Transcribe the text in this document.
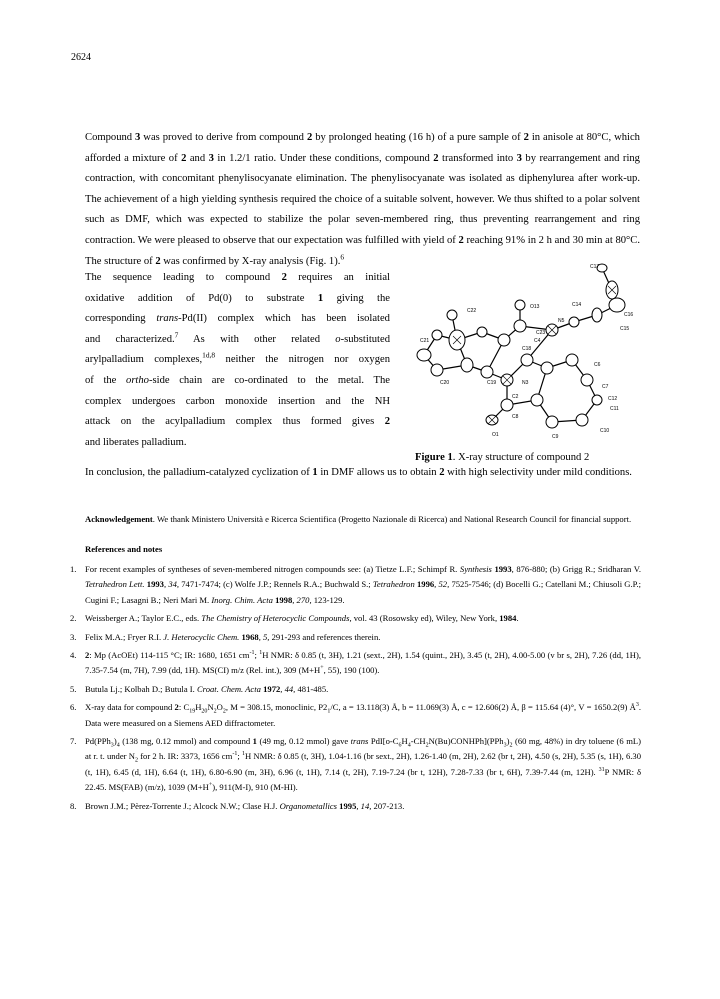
2624
Compound 3 was proved to derive from compound 2 by prolonged heating (16 h) of a pure sample of 2 in anisole at 80°C, which afforded a mixture of 2 and 3 in 1.2/1 ratio. Under these conditions, compound 2 transformed into 3 by rearrangement and ring contraction, with concomitant phenylisocyanate elimination. The phenylisocyanate was isolated as diphenylurea after work-up. The achievement of a high yielding synthesis required the choice of a suitable solvent, however. We thus shifted to a polar solvent such as DMF, which was expected to stabilize the polar seven-membered ring, thus preventing rearrangement and ring contraction. We were pleased to observe that our expectation was fulfilled with yield of 2 reaching 91% in 2 h and 30 min at 80°C. The structure of 2 was confirmed by X-ray analysis (Fig. 1).$^6$
The sequence leading to compound 2 requires an initial
oxidative addition of Pd(0) to substrate 1 giving the
corresponding trans-Pd(II) complex which has been isolated
and characterized.$^7$ As with other related o-substituted
arylpalladium complexes,$^{1d,8}$ neither the nitrogen nor oxygen
of the ortho-side chain are co-ordinated to the metal. The
complex undergoes carbon monoxide insertion and the NH
attack on the acylpalladium complex thus formed gives 2
and liberates palladium.
C17
C14
C16
C22
O13
N5
C15
C23
C4
C18
C21
C6
C20	C19	N3
C7
C2	C12
C8
C11
O1	C9
C10
Figure 1. X-ray structure of compound 2
In conclusion, the palladium-catalyzed cyclization of 1 in DMF allows us to obtain 2 with high selectivity under mild conditions.
Acknowledgement. We thank Ministero Università e Ricerca Scientifica (Progetto Nazionale di Ricerca) and National Research Council for financial support.
References and notes
1. For recent examples of syntheses of seven-membered nitrogen compounds see: (a) Tietze L.F.; Schimpf R. Synthesis 1993, 876-880; (b) Grigg R.; Sridharan V. Tetrahedron Lett. 1993, 34, 7471-7474; (c) Wolfe J.P.; Rennels R.A.; Buchwald S.; Tetrahedron 1996, 52, 7525-7546; (d) Bocelli G.; Catellani M.; Chiusoli G.P.; Cugini F.; Lasagni B.; Neri Mari M. Inorg. Chim. Acta 1998, 270, 123-129.
2. Weissberger A.; Taylor E.C., eds. The Chemistry of Heterocyclic Compounds, vol. 43 (Rosowsky ed), Wiley, New York, 1984.
3. Felix M.A.; Fryer R.I. J. Heterocyclic Chem. 1968, 5, 291-293 and references therein.
4. 2: Mp (AcOEt) 114-115 °C; IR: 1680, 1651 $cm^{-1}$; $^1$H NMR: δ 0.85 (t, 3H), 1.21 (sext., 2H), 1.54 (quint., 2H), 3.45 (t, 2H), 4.00-5.00 (v br s, 2H), 7.26 (dd, 1H), 7.35-7.54 (m, 7H), 7.99 (dd, 1H). MS(CI) m/z (Rel. int.), 309 (M+H+, 55), 190 (100).
5. Butula Lj.; Kolbah D.; Butula I. Croat. Chem. Acta 1972, 44, 481-485.
6. X-ray data for compound 2: $C_{19}H_{20}N_2O_2$, M = 308.15, monoclinic, $P2_1/C$, a = 13.118(3) Å, b = 11.069(3) Å, c = 12.606(2) Å, β = 115.64 (4)°, V = 1650.2(9) $Å^3$. Data were measured on a Siemens AED diffractometer.
7. $Pd(PPh_3)_4$ (138 mg, 0.12 mmol) and compound 1 (49 mg, 0.12 mmol) gave trans $PdI[o-C_6H_4-CH_2N(Bu)CONHPh](PPh_3)_2$ (60 mg, 48%) in dry toluene (6 mL) at r. t. under $N_2$ for 2 h. IR: 3373, 1656 $cm^{-1}$; $^1$H NMR: δ 0.85 (t, 3H), 1.04-1.16 (br sext., 2H), 1.26-1.40 (m, 2H), 2.62 (br t, 2H), 4.50 (s, 2H), 5.35 (s, 1H), 6.30 (t, 1H), 6.45 (d, 1H), 6.64 (t, 1H), 6.80-6.90 (m, 3H), 6.96 (t, 1H), 7.14 (t, 2H), 7.19-7.24 (br t, 12H), 7.28-7.33 (br t, 6H), 7.39-7.44 (m, 12H). $^{31}$P NMR: δ 22.45. MS(FAB) (m/z), 1039 (M+H+), 911(M-I), 910 (M-HI).
8. Brown J.M.; Pèrez-Torrente J.; Alcock N.W.; Clase H.J. Organometallics 1995, 14, 207-213.
